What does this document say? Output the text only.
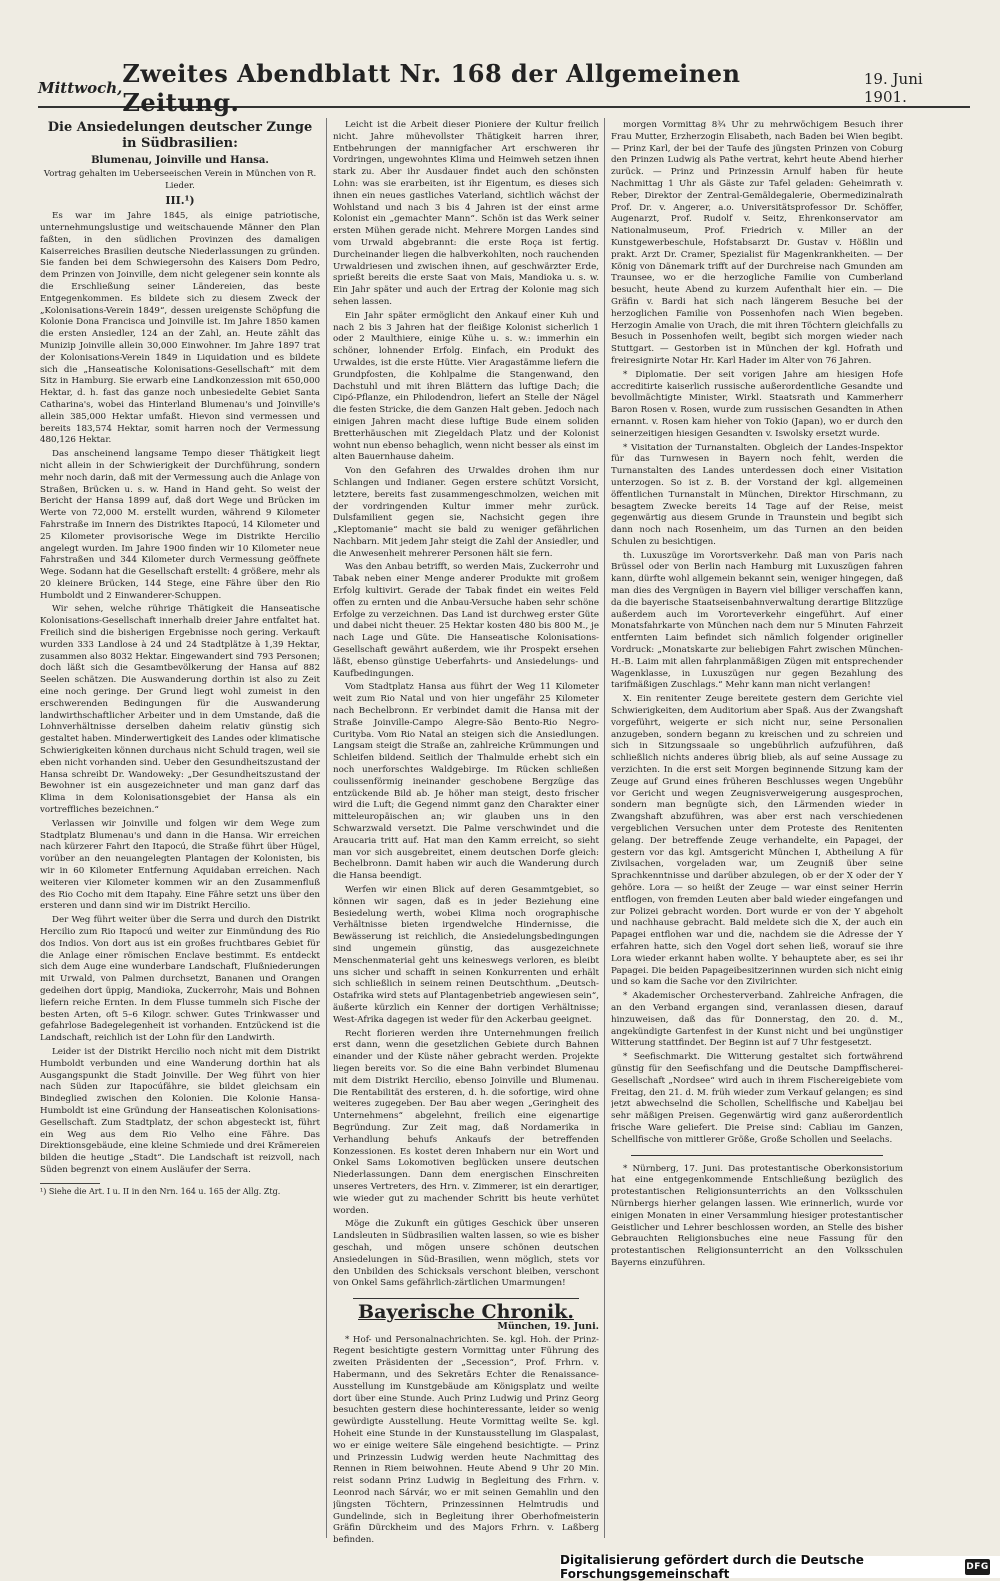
Mittwoch, Zweites Abendblatt Nr. 168 der Allgemeinen Zeitung.
19. Juni 1901.
Die Ansiedelungen deutscher Zunge
in Südbrasilien:
Blumenau, Joinville und Hansa.
Vortrag gehalten im Ueberseeischen Verein in München von R. Lieder.
III.¹)

Es war im Jahre 1845, als einige patriotische, unternehmungslustige und weitschauende Männer den Plan faßten, in den südlichen Provinzen des damaligen Kaiserreiches Brasilien deutsche Niederlassungen zu gründen. Sie fanden bei dem Schwiegersohn des Kaisers Dom Pedro, dem Prinzen von Joinville, dem nicht gelegener sein konnte als die Erschließung seiner Ländereien, das beste Entgegenkommen. Es bildete sich zu diesem Zweck der „Kolonisations-Verein 1849“, dessen ureigenste Schöpfung die Kolonie Dona Francisca und Joinville ist. Im Jahre 1850 kamen die ersten Ansiedler, 124 an der Zahl, an. Heute zählt das Munizip Joinville allein 30,000 Einwohner. Im Jahre 1897 trat der Kolonisations-Verein 1849 in Liquidation und es bildete sich die „Hanseatische Kolonisations-Gesellschaft“ mit dem Sitz in Hamburg. Sie erwarb eine Landkonzession mit 650,000 Hektar, d. h. fast das ganze noch unbesiedelte Gebiet Santa Catharina's, wobei das Hinterland Blumenau's und Joinville's allein 385,000 Hektar umfaßt. Hievon sind vermessen und bereits 183,574 Hektar, somit harren noch der Vermessung 480,126 Hektar.

Das anscheinend langsame Tempo dieser Thätigkeit liegt nicht allein in der Schwierigkeit der Durchführung, sondern mehr noch darin, daß mit der Vermessung auch die Anlage von Straßen, Brücken u. s. w. Hand in Hand geht. So weist der Bericht der Hansa 1899 auf, daß dort Wege und Brücken im Werte von 72,000 M. erstellt wurden, während 9 Kilometer Fahrstraße im Innern des Distriktes Itapocú, 14 Kilometer und 25 Kilometer provisorische Wege im Distrikte Hercilio angelegt wurden. Im Jahre 1900 finden wir 10 Kilometer neue Fahrstraßen und 344 Kilometer durch Vermessung geöffnete Wege. Sodann hat die Gesellschaft erstellt: 4 größere, mehr als 20 kleinere Brücken, 144 Stege, eine Fähre über den Rio Humboldt und 2 Einwanderer-Schuppen.

Wir sehen, welche rührige Thätigkeit die Hanseatische Kolonisations-Gesellschaft innerhalb dreier Jahre entfaltet hat. Freilich sind die bisherigen Ergebnisse noch gering. Verkauft wurden 333 Landlose à 24 und 24 Stadtplätze à 1,39 Hektar, zusammen also 8032 Hektar. Eingewandert sind 793 Personen; doch läßt sich die Gesamtbevölkerung der Hansa auf 882 Seelen schätzen. Die Auswanderung dorthin ist also zu Zeit eine noch geringe. Der Grund liegt wohl zumeist in den erschwerenden Bedingungen für die Auswanderung landwirthschaftlicher Arbeiter und in dem Umstande, daß die Lohnverhältnisse derselben daheim relativ günstig sich gestaltet haben. Minderwertigkeit des Landes oder klimatische Schwierigkeiten können durchaus nicht Schuld tragen, weil sie eben nicht vorhanden sind. Ueber den Gesundheitszustand der Hansa schreibt Dr. Wandoweky: „Der Gesundheitszustand der Bewohner ist ein ausgezeichneter und man ganz darf das Klima in dem Kolonisationsgebiet der Hansa als ein vortreffliches bezeichnen.“

Verlassen wir Joinville und folgen wir dem Wege zum Stadtplatz Blumenau's und dann in die Hansa. Wir erreichen nach kürzerer Fahrt den Itapocú, die Straße führt über Hügel, vorüber an den neuangelegten Plantagen der Kolonisten, bis wir in 60 Kilometer Entfernung Aquidaban erreichen. Nach weiteren vier Kilometer kommen wir an den Zusammenfluß des Rio Cocho mit dem Itapahy. Eine Fähre setzt uns über den ersteren und dann sind wir im Distrikt Hercilio.

Der Weg führt weiter über die Serra und durch den Distrikt Hercilio zum Rio Itapocú und weiter zur Einmündung des Rio dos Indios. Von dort aus ist ein großes fruchtbares Gebiet für die Anlage einer römischen Enclave bestimmt. Es entdeckt sich dem Auge eine wunderbare Landschaft, Flußniederungen mit Urwald, von Palmen durchsetzt, Bananen und Orangen gedeihen dort üppig, Mandioka, Zuckerrohr, Mais und Bohnen liefern reiche Ernten. In dem Flusse tummeln sich Fische der besten Arten, oft 5–6 Kilogr. schwer. Gutes Trinkwasser und gefahrlose Badegelegenheit ist vorhanden. Entzückend ist die Landschaft, reichlich ist der Lohn für den Landwirth.

Leider ist der Distrikt Hercilio noch nicht mit dem Distrikt Humboldt verbunden und eine Wanderung dorthin hat als Ausgangspunkt die Stadt Joinville. Der Weg führt von hier nach Süden zur Itapocúfähre, sie bildet gleichsam ein Bindeglied zwischen den Kolonien. Die Kolonie Hansa-Humboldt ist eine Gründung der Hanseatischen Kolonisations-Gesellschaft. Zum Stadtplatz, der schon abgesteckt ist, führt ein Weg aus dem Rio Velho eine Fähre. Das Direktionsgebäude, eine kleine Schmiede und drei Krämereien bilden die heutige „Stadt“. Die Landschaft ist reizvoll, nach Süden begrenzt von einem Ausläufer der Serra.

¹) Siehe die Art. I u. II in den Nrn. 164 u. 165 der Allg. Ztg.

Leicht ist die Arbeit dieser Pioniere der Kultur freilich nicht. Jahre mühevollster Thätigkeit harren ihrer, Entbehrungen der mannigfacher Art erschweren ihr Vordringen, ungewohntes Klima und Heimweh setzen ihnen stark zu. Aber ihr Ausdauer findet auch den schönsten Lohn: was sie erarbeiten, ist ihr Eigentum, es dieses sich ihnen ein neues gastliches Vaterland, sichtlich wächst der Wohlstand und nach 3 bis 4 Jahren ist der einst arme Kolonist ein „gemachter Mann“. Schön ist das Werk seiner ersten Mühen gerade nicht. Mehrere Morgen Landes sind vom Urwald abgebrannt: die erste Roça ist fertig. Durcheinander liegen die halbverkohlten, noch rauchenden Urwaldriesen und zwischen ihnen, auf geschwärzter Erde, sprießt bereits die erste Saat von Mais, Mandioka u. s. w. Ein Jahr später und auch der Ertrag der Kolonie mag sich sehen lassen.

Ein Jahr später ermöglicht den Ankauf einer Kuh und nach 2 bis 3 Jahren hat der fleißige Kolonist sicherlich 1 oder 2 Maulthiere, einige Kühe u. s. w.: immerhin ein schöner, lohnender Erfolg. Einfach, ein Produkt des Urwaldes, ist die erste Hütte. Vier Aragastämme liefern die Grundpfosten, die Kohlpalme die Stangenwand, den Dachstuhl und mit ihren Blättern das luftige Dach; die Cipó-Pflanze, ein Philodendron, liefert an Stelle der Nägel die festen Stricke, die dem Ganzen Halt geben. Jedoch nach einigen Jahren macht diese luftige Bude einem soliden Bretterhäuschen mit Ziegeldach Platz und der Kolonist wohnt nun ebenso behaglich, wenn nicht besser als einst im alten Bauernhause daheim.

Von den Gefahren des Urwaldes drohen ihm nur Schlangen und Indianer. Gegen erstere schützt Vorsicht, letztere, bereits fast zusammengeschmolzen, weichen mit der vordringenden Kultur immer mehr zurück. Dulsfamilient gegen sie, Nachsicht gegen ihre „Kleptomanie“ macht sie bald zu weniger gefährlichen Nachbarn. Mit jedem Jahr steigt die Zahl der Ansiedler, und die Anwesenheit mehrerer Personen hält sie fern.

Was den Anbau betrifft, so werden Mais, Zuckerrohr und Tabak neben einer Menge anderer Produkte mit großem Erfolg kultivirt. Gerade der Tabak findet ein weites Feld offen zu ernten und die Anbau-Versuche haben sehr schöne Erfolge zu verzeichnen. Das Land ist durchweg erster Güte und dabei nicht theuer. 25 Hektar kosten 480 bis 800 M., je nach Lage und Güte. Die Hanseatische Kolonisations-Gesellschaft gewährt außerdem, wie ihr Prospekt ersehen läßt, ebenso günstige Ueberfahrts- und Ansiedelungs- und Kaufbedingungen.

Vom Stadtplatz Hansa aus führt der Weg 11 Kilometer weit zum Rio Natal und von hier ungefähr 25 Kilometer nach Bechelbronn. Er verbindet damit die Hansa mit der Straße Joinville-Campo Alegre-São Bento-Rio Negro-Curityba. Vom Rio Natal an steigen sich die Ansiedlungen. Langsam steigt die Straße an, zahlreiche Krümmungen und Schleifen bildend. Seitlich der Thalmulde erhebt sich ein noch unerforschtes Waldgebirge. Im Rücken schließen coulissenförmig ineinander geschobene Bergzüge das entzückende Bild ab. Je höher man steigt, desto frischer wird die Luft; die Gegend nimmt ganz den Charakter einer mitteleuropäischen an; wir glauben uns in den Schwarzwald versetzt. Die Palme verschwindet und die Araucaria tritt auf. Hat man den Kamm erreicht, so sieht man vor sich ausgebreitet, einem deutschen Dorfe gleich: Bechelbronn. Damit haben wir auch die Wanderung durch die Hansa beendigt.

Werfen wir einen Blick auf deren Gesammtgebiet, so können wir sagen, daß es in jeder Beziehung eine Besiedelung werth, wobei Klima noch orographische Verhältnisse bieten irgendwelche Hindernisse, die Bewässerung ist reichlich, die Ansiedelungsbedingungen sind ungemein günstig, das ausgezeichnete Menschenmaterial geht uns keineswegs verloren, es bleibt uns sicher und schafft in seinen Konkurrenten und erhält sich schließlich in seinem reinen Deutschthum. „Deutsch-Ostafrika wird stets auf Plantagenbetrieb angewiesen sein“, äußerte kürzlich ein Kenner der dortigen Verhältnisse; West-Afrika dagegen ist weder für den Ackerbau geeignet.

Recht florieren werden ihre Unternehmungen freilich erst dann, wenn die gesetzlichen Gebiete durch Bahnen einander und der Küste näher gebracht werden. Projekte liegen bereits vor. So die eine Bahn verbindet Blumenau mit dem Distrikt Hercilio, ebenso Joinville und Blumenau. Die Rentabilität des ersteren, d. h. die sofortige, wird ohne weiteres zugegeben. Der Bau aber wegen „Geringheit des Unternehmens“ abgelehnt, freilich eine eigenartige Begründung. Zur Zeit mag, daß Nordamerika in Verhandlung behufs Ankaufs der betreffenden Konzessionen. Es kostet deren Inhabern nur ein Wort und Onkel Sams Lokomotiven beglücken unsere deutschen Niederlassungen. Dann dem energischen Einschreiten unseres Vertreters, des Hrn. v. Zimmerer, ist ein derartiger, wie wieder gut zu machender Schritt bis heute verhütet worden.

Möge die Zukunft ein gütiges Geschick über unseren Landsleuten in Südbrasilien walten lassen, so wie es bisher geschah, und mögen unsere schönen deutschen Ansiedelungen in Süd-Brasilien, wenn möglich, stets vor den Unbilden des Schicksals verschont bleiben, verschont von Onkel Sams gefährlich-zärtlichen Umarmungen!

Bayerische Chronik.
München, 19. Juni.

* Hof- und Personalnachrichten. Se. kgl. Hoh. der Prinz-Regent besichtigte gestern Vormittag unter Führung des zweiten Präsidenten der „Secession“, Prof. Frhrn. v. Habermann, und des Sekretärs Echter die Renaissance-Ausstellung im Kunstgebäude am Königsplatz und weilte dort über eine Stunde. Auch Prinz Ludwig und Prinz Georg besuchten gestern diese hochinteressante, leider so wenig gewürdigte Ausstellung. Heute Vormittag weilte Se. kgl. Hoheit eine Stunde in der Kunstausstellung im Glaspalast, wo er einige weitere Säle eingehend besichtigte. — Prinz und Prinzessin Ludwig werden heute Nachmittag des Rennen in Riem beiwohnen. Heute Abend 9 Uhr 20 Min. reist sodann Prinz Ludwig in Begleitung des Frhrn. v. Leonrod nach Sárvár, wo er mit seinen Gemahlin und den jüngsten Töchtern, Prinzessinnen Helmtrudis und Gundelinde, sich in Begleitung ihrer Oberhofmeisterin Gräfin Dürckheim und des Majors Frhrn. v. Laßberg befinden.

morgen Vormittag 8¾ Uhr zu mehrwöchigem Besuch ihrer Frau Mutter, Erzherzogin Elisabeth, nach Baden bei Wien begibt. — Prinz Karl, der bei der Taufe des jüngsten Prinzen von Coburg den Prinzen Ludwig als Pathe vertrat, kehrt heute Abend hierher zurück. — Prinz und Prinzessin Arnulf haben für heute Nachmittag 1 Uhr als Gäste zur Tafel geladen: Geheimrath v. Reber, Direktor der Zentral-Gemäldegalerie, Obermedizinalrath Prof. Dr. v. Angerer, a.o. Universitätsprofessor Dr. Schöffer, Augenarzt, Prof. Rudolf v. Seitz, Ehrenkonservator am Nationalmuseum, Prof. Friedrich v. Miller an der Kunstgewerbeschule, Hofstabsarzt Dr. Gustav v. Hößlin und prakt. Arzt Dr. Cramer, Spezialist für Magenkrankheiten. — Der König von Dänemark trifft auf der Durchreise nach Gmunden am Traunsee, wo er die herzogliche Familie von Cumberland besucht, heute Abend zu kurzem Aufenthalt hier ein. — Die Gräfin v. Bardi hat sich nach längerem Besuche bei der herzoglichen Familie von Possenhofen nach Wien begeben. Herzogin Amalie von Urach, die mit ihren Töchtern gleichfalls zu Besuch in Possenhofen weilt, begibt sich morgen wieder nach Stuttgart. — Gestorben ist in München der kgl. Hofrath und freiresignirte Notar Hr. Karl Hader im Alter von 76 Jahren.

* Diplomatie. Der seit vorigen Jahre am hiesigen Hofe accreditirte kaiserlich russische außerordentliche Gesandte und bevollmächtigte Minister, Wirkl. Staatsrath und Kammerherr Baron Rosen v. Rosen, wurde zum russischen Gesandten in Athen ernannt. v. Rosen kam hieher von Tokio (Japan), wo er durch den seinerzeitigen hiesigen Gesandten v. Iswolsky ersetzt wurde.

* Visitation der Turnanstalten. Obgleich der Landes-Inspektor für das Turnwesen in Bayern noch fehlt, werden die Turnanstalten des Landes unterdessen doch einer Visitation unterzogen. So ist z. B. der Vorstand der kgl. allgemeinen öffentlichen Turnanstalt in München, Direktor Hirschmann, zu besagtem Zwecke bereits 14 Tage auf der Reise, meist gegenwärtig aus diesem Grunde in Traunstein und begibt sich dann noch nach Rosenheim, um das Turnen an den beiden Schulen zu besichtigen.

th. Luxuszüge im Vorortsverkehr. Daß man von Paris nach Brüssel oder von Berlin nach Hamburg mit Luxuszügen fahren kann, dürfte wohl allgemein bekannt sein, weniger hingegen, daß man dies des Vergnügen in Bayern viel billiger verschaffen kann, da die bayerische Staatseisenbahnverwaltung derartige Blitzzüge außerdem auch im Vororteverkehr eingeführt. Auf einer Monatsfahrkarte von München nach dem nur 5 Minuten Fahrzeit entfernten Laim befindet sich nämlich folgender origineller Vordruck: „Monatskarte zur beliebigen Fahrt zwischen München-H.-B. Laim mit allen fahrplanmäßigen Zügen mit entsprechender Wagenklasse, in Luxuszügen nur gegen Bezahlung des tarifmäßigen Zuschlags.“ Mehr kann man nicht verlangen!

X. Ein renitenter Zeuge bereitete gestern dem Gerichte viel Schwierigkeiten, dem Auditorium aber Spaß. Aus der Zwangshaft vorgeführt, weigerte er sich nicht nur, seine Personalien anzugeben, sondern begann zu kreischen und zu schreien und sich in Sitzungssaale so ungebührlich aufzuführen, daß schließlich nichts anderes übrig blieb, als auf seine Aussage zu verzichten. In die erst seit Morgen beginnende Sitzung kam der Zeuge auf Grund eines früheren Beschlusses wegen Ungebühr vor Gericht und wegen Zeugnisverweigerung ausgesprochen, sondern man begnügte sich, den Lärmenden wieder in Zwangshaft abzuführen, was aber erst nach verschiedenen vergeblichen Versuchen unter dem Proteste des Renitenten gelang. Der betreffende Zeuge verhandelte, ein Papagei, der gestern vor das kgl. Amtsgericht München I, Abtheilung A für Zivilsachen, vorgeladen war, um Zeugniß über seine Sprachkenntnisse und darüber abzulegen, ob er der X oder der Y gehöre. Lora — so heißt der Zeuge — war einst seiner Herrin entflogen, von fremden Leuten aber bald wieder eingefangen und zur Polizei gebracht worden. Dort wurde er von der Y abgeholt und nachhause gebracht. Bald meldete sich die X, der auch ein Papagei entflohen war und die, nachdem sie die Adresse der Y erfahren hatte, sich den Vogel dort sehen ließ, worauf sie ihre Lora wieder erkannt haben wollte. Y behauptete aber, es sei ihr Papagei. Die beiden Papageibesitzerinnen wurden sich nicht einig und so kam die Sache vor den Zivilrichter.

* Akademischer Orchesterverband. Zahlreiche Anfragen, die an den Verband ergangen sind, veranlassen diesen, darauf hinzuweisen, daß das für Donnerstag, den 20. d. M., angekündigte Gartenfest in der Kunst nicht und bei ungünstiger Witterung stattfindet. Der Beginn ist auf 7 Uhr festgesetzt.

* Seefischmarkt. Die Witterung gestaltet sich fortwährend günstig für den Seefischfang und die Deutsche Dampffischerei-Gesellschaft „Nordsee“ wird auch in ihrem Fischereigebiete vom Freitag, den 21. d. M. früh wieder zum Verkauf gelangen; es sind jetzt abwechselnd die Schollen, Schellfische und Kabeljau bei sehr mäßigen Preisen. Gegenwärtig wird ganz außerordentlich frische Ware geliefert. Die Preise sind: Cabliau im Ganzen, Schellfische von mittlerer Größe, Große Schollen und Seelachs.

* Nürnberg, 17. Juni. Das protestantische Oberkonsistorium hat eine entgegenkommende Entschließung bezüglich des protestantischen Religionsunterrichts an den Volksschulen Nürnbergs hierher gelangen lassen. Wie erinnerlich, wurde vor einigen Monaten in einer Versammlung hiesiger protestantischer Geistlicher und Lehrer beschlossen worden, an Stelle des bisher Gebrauchten Religionsbuches eine neue Fassung für den protestantischen Religionsunterricht an den Volksschulen Bayerns einzuführen.

Digitalisierung gefördert durch die Deutsche Forschungsgemeinschaft	DFG
